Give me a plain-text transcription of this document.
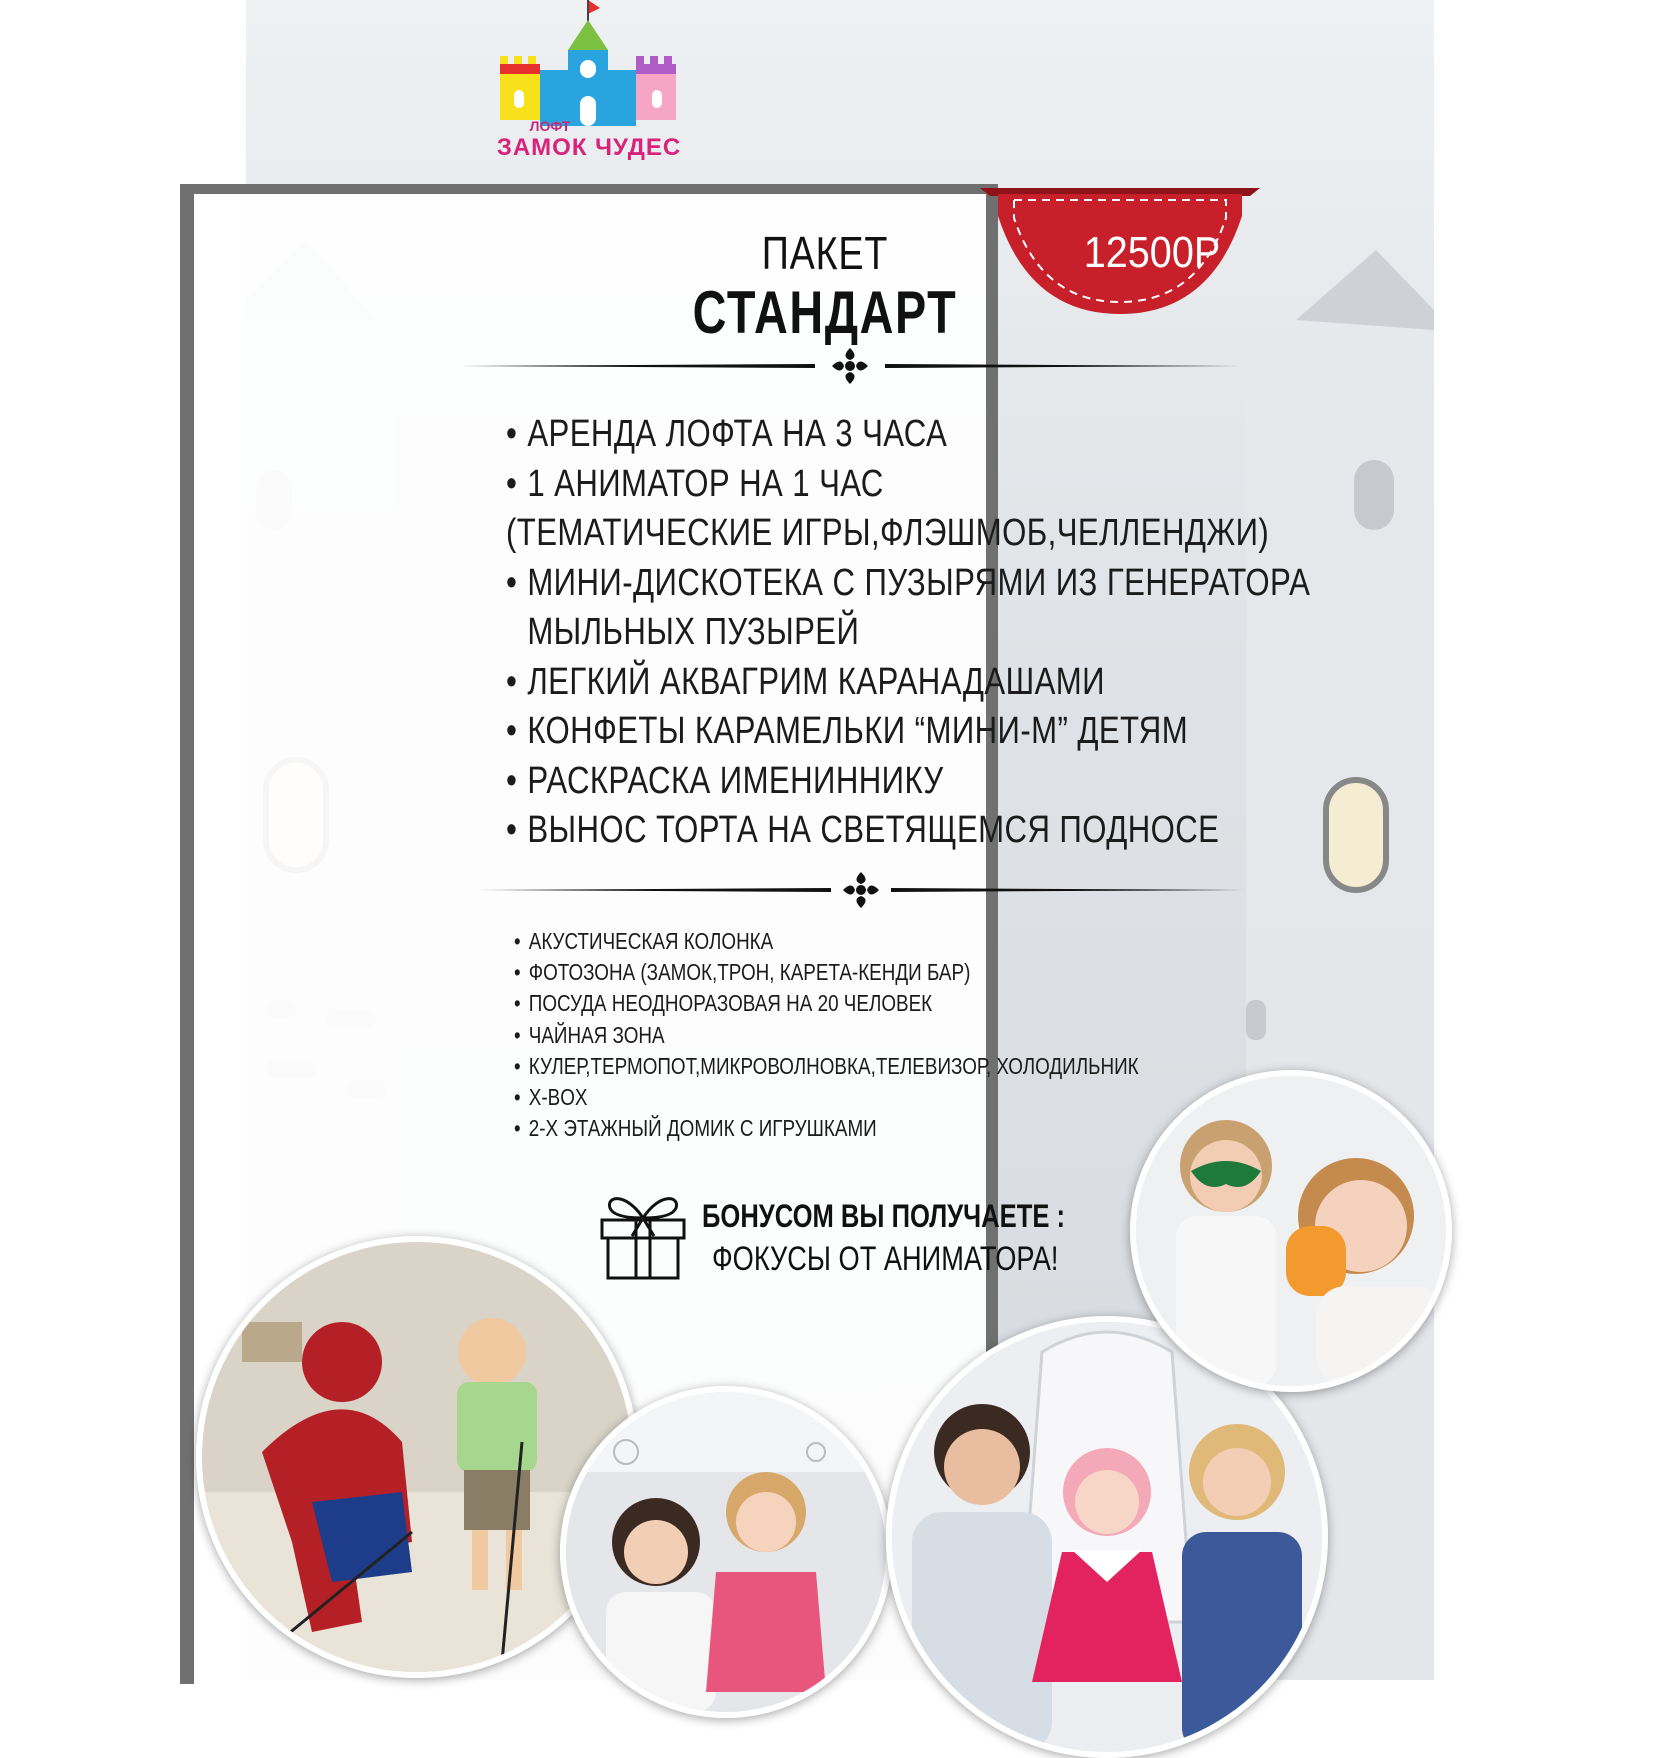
ЛОФТ
ЗАМОК ЧУДЕС
12500Р
ПАКЕТ
СТАНДАРТ
• АРЕНДА ЛОФТА НА 3 ЧАСА
• 1 АНИМАТОР НА 1 ЧАС
(ТЕМАТИЧЕСКИЕ ИГРЫ,ФЛЭШМОБ,ЧЕЛЛЕНДЖИ)
• МИНИ-ДИСКОТЕКА С ПУЗЫРЯМИ ИЗ ГЕНЕРАТОРА
МЫЛЬНЫХ ПУЗЫРЕЙ
• ЛЕГКИЙ АКВАГРИМ КАРАНАДАШАМИ
• КОНФЕТЫ КАРАМЕЛЬКИ “МИНИ-М” ДЕТЯМ
• РАСКРАСКА ИМЕНИННИКУ
• ВЫНОС ТОРТА НА СВЕТЯЩЕМСЯ ПОДНОСЕ
• АКУСТИЧЕСКАЯ КОЛОНКА
• ФОТОЗОНА (ЗАМОК,ТРОН, КАРЕТА-КЕНДИ БАР)
• ПОСУДА НЕОДНОРАЗОВАЯ НА 20 ЧЕЛОВЕК
• ЧАЙНАЯ ЗОНА
• КУЛЕР,ТЕРМОПОТ,МИКРОВОЛНОВКА,ТЕЛЕВИЗОР, ХОЛОДИЛЬНИК
• X-BOX
• 2-Х ЭТАЖНЫЙ ДОМИК С ИГРУШКАМИ
БОНУСОМ ВЫ ПОЛУЧАЕТЕ :
ФОКУСЫ ОТ АНИМАТОРА!
